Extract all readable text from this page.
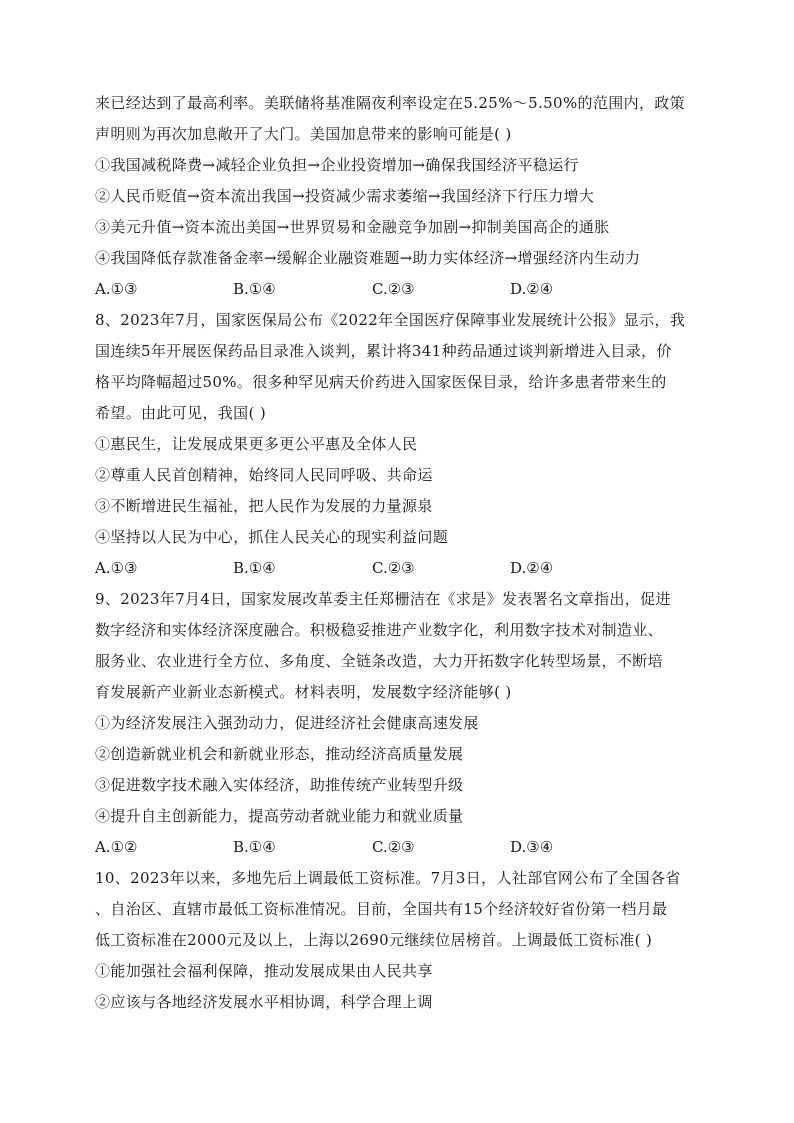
来已经达到了最高利率。美联储将基准隔夜利率设定在5.25%～5.50%的范围内，政策
声明则为再次加息敞开了大门。美国加息带来的影响可能是( )
①我国减税降费→减轻企业负担→企业投资增加→确保我国经济平稳运行
②人民币贬值→资本流出我国→投资减少需求萎缩→我国经济下行压力增大
③美元升值→资本流出美国→世界贸易和金融竞争加剧→抑制美国高企的通胀
④我国降低存款准备金率→缓解企业融资难题→助力实体经济→增强经济内生动力
A.①③	B.①④	C.②③	D.②④
8、2023年7月，国家医保局公布《2022年全国医疗保障事业发展统计公报》显示，我
国连续5年开展医保药品目录准入谈判，累计将341种药品通过谈判新增进入目录，价
格平均降幅超过50%。很多种罕见病天价药进入国家医保目录，给许多患者带来生的
希望。由此可见，我国( )
①惠民生，让发展成果更多更公平惠及全体人民
②尊重人民首创精神，始终同人民同呼吸、共命运
③不断增进民生福祉，把人民作为发展的力量源泉
④坚持以人民为中心，抓住人民关心的现实利益问题
A.①③	B.①④	C.②③	D.②④
9、2023年7月4日，国家发展改革委主任郑栅洁在《求是》发表署名文章指出，促进
数字经济和实体经济深度融合。积极稳妥推进产业数字化，利用数字技术对制造业、
服务业、农业进行全方位、多角度、全链条改造，大力开拓数字化转型场景，不断培
育发展新产业新业态新模式。材料表明，发展数字经济能够( )
①为经济发展注入强劲动力，促进经济社会健康高速发展
②创造新就业机会和新就业形态，推动经济高质量发展
③促进数字技术融入实体经济，助推传统产业转型升级
④提升自主创新能力，提高劳动者就业能力和就业质量
A.①②	B.①④	C.②③	D.③④
10、2023年以来，多地先后上调最低工资标准。7月3日，人社部官网公布了全国各省
、自治区、直辖市最低工资标准情况。目前，全国共有15个经济较好省份第一档月最
低工资标准在2000元及以上，上海以2690元继续位居榜首。上调最低工资标准( )
①能加强社会福利保障，推动发展成果由人民共享
②应该与各地经济发展水平相协调，科学合理上调
